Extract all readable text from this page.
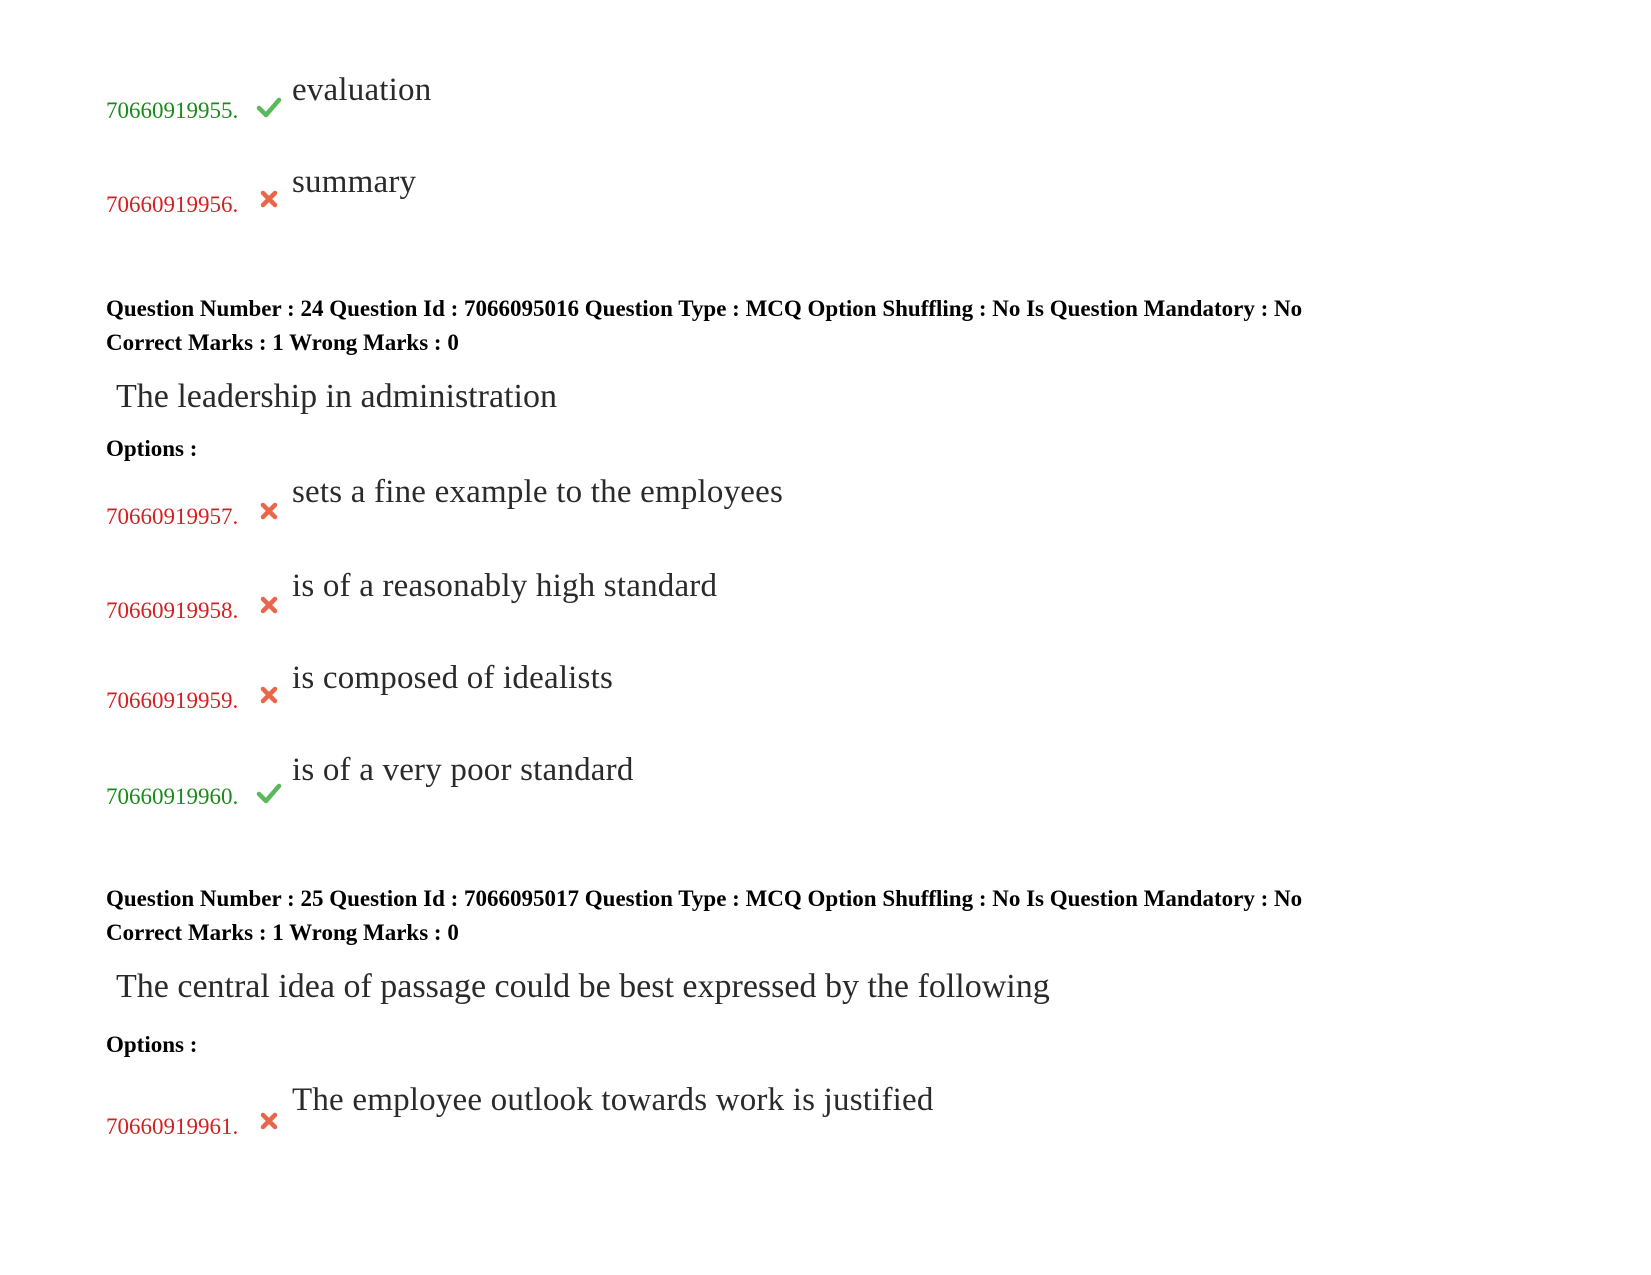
70660919955.
evaluation
70660919956.
summary
Question Number : 24 Question Id : 7066095016 Question Type : MCQ Option Shuffling : No Is Question Mandatory : No
Correct Marks : 1 Wrong Marks : 0
The leadership in administration
Options :
70660919957.
sets a fine example to the employees
70660919958.
is of a reasonably high standard
70660919959.
is composed of idealists
70660919960.
is of a very poor standard
Question Number : 25 Question Id : 7066095017 Question Type : MCQ Option Shuffling : No Is Question Mandatory : No
Correct Marks : 1 Wrong Marks : 0
The central idea of passage could be best expressed by the following
Options :
70660919961.
The employee outlook towards work is justified
